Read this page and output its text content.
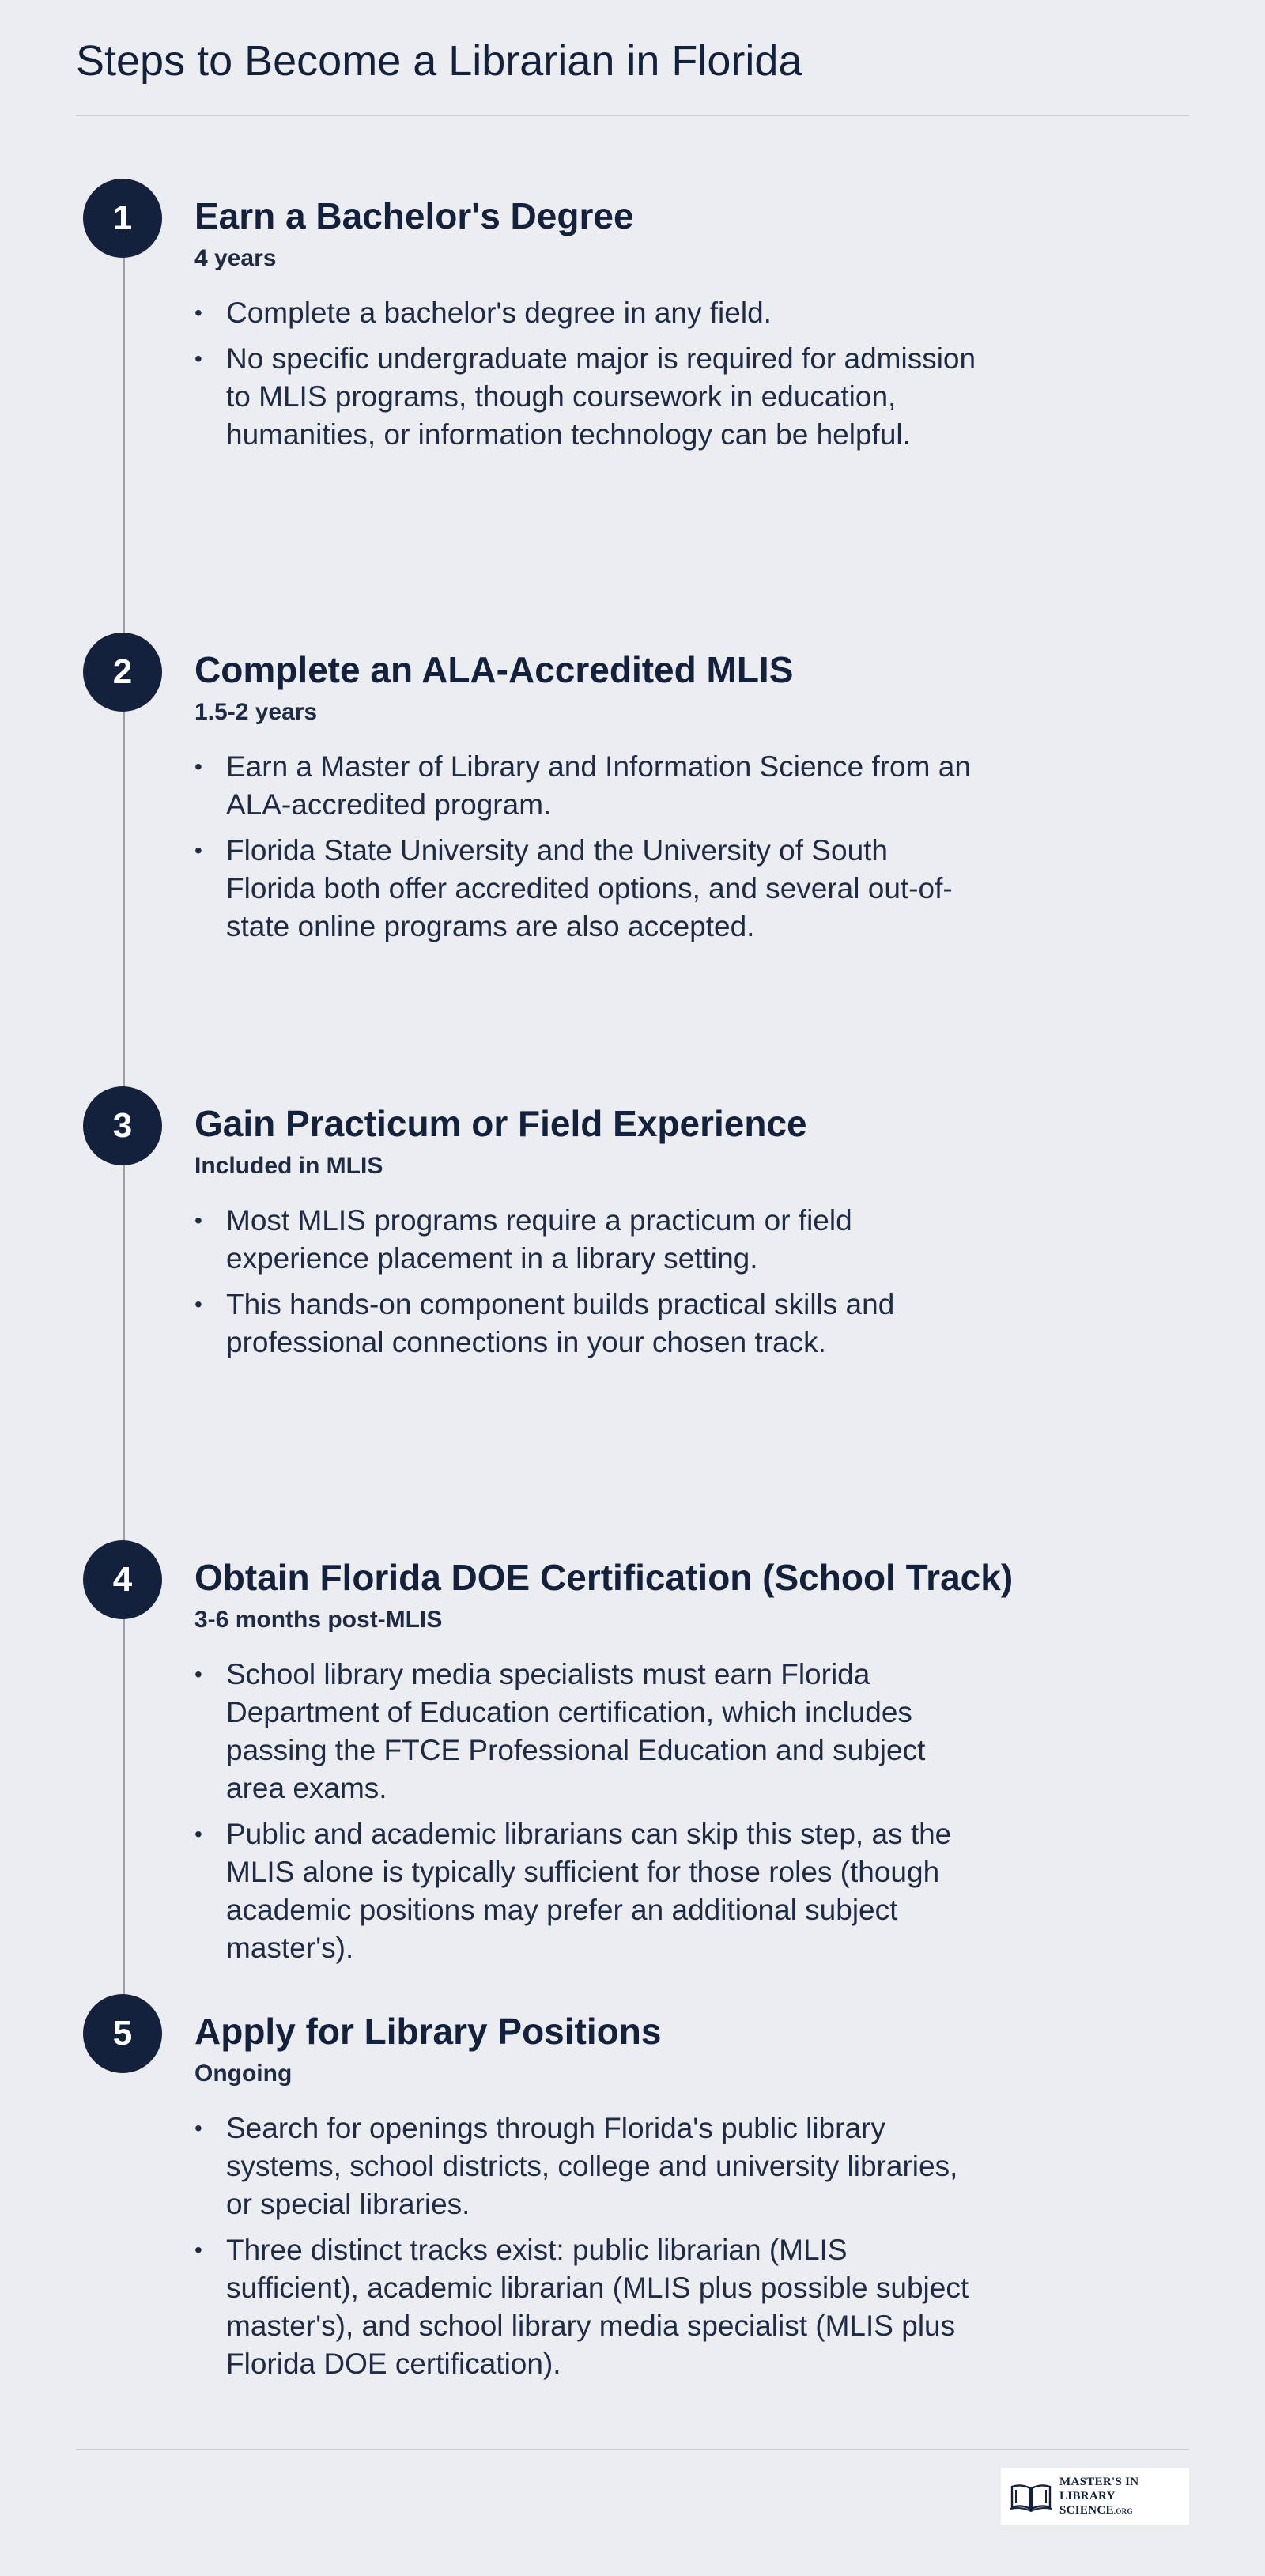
Steps to Become a Librarian in Florida
1	Earn a Bachelor's Degree
4 years
• Complete a bachelor's degree in any field.
• No specific undergraduate major is required for admission to MLIS programs, though coursework in education, humanities, or information technology can be helpful.
2	Complete an ALA-Accredited MLIS
1.5-2 years
• Earn a Master of Library and Information Science from an ALA-accredited program.
• Florida State University and the University of South Florida both offer accredited options, and several out-of-state online programs are also accepted.
3	Gain Practicum or Field Experience
Included in MLIS
• Most MLIS programs require a practicum or field experience placement in a library setting.
• This hands-on component builds practical skills and professional connections in your chosen track.
4	Obtain Florida DOE Certification (School Track)
3-6 months post-MLIS
• School library media specialists must earn Florida Department of Education certification, which includes passing the FTCE Professional Education and subject area exams.
• Public and academic librarians can skip this step, as the MLIS alone is typically sufficient for those roles (though academic positions may prefer an additional subject master's).
5	Apply for Library Positions
Ongoing
• Search for openings through Florida's public library systems, school districts, college and university libraries, or special libraries.
• Three distinct tracks exist: public librarian (MLIS sufficient), academic librarian (MLIS plus possible subject master's), and school library media specialist (MLIS plus Florida DOE certification).
MASTER'S IN
LIBRARY SCIENCE.ORG
